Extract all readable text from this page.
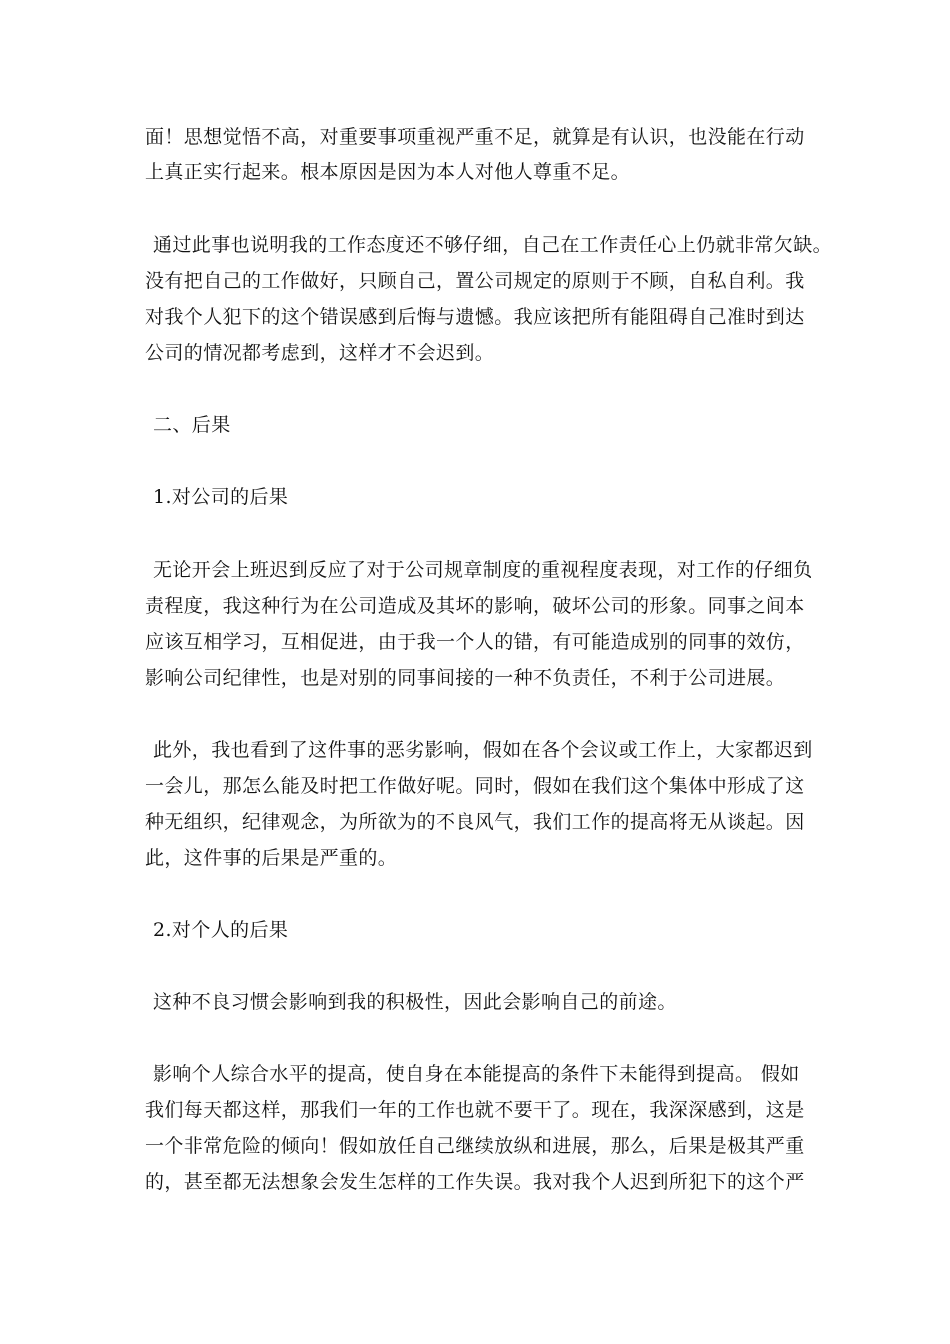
面！思想觉悟不高，对重要事项重视严重不足，就算是有认识，也没能在行动
上真正实行起来。根本原因是因为本人对他人尊重不足。
通过此事也说明我的工作态度还不够仔细，自己在工作责任心上仍就非常欠缺。
没有把自己的工作做好，只顾自己，置公司规定的原则于不顾，自私自利。我
对我个人犯下的这个错误感到后悔与遗憾。我应该把所有能阻碍自己准时到达
公司的情况都考虑到，这样才不会迟到。
二、后果
1.对公司的后果
无论开会上班迟到反应了对于公司规章制度的重视程度表现，对工作的仔细负
责程度，我这种行为在公司造成及其坏的影响，破坏公司的形象。同事之间本
应该互相学习，互相促进，由于我一个人的错，有可能造成别的同事的效仿，
影响公司纪律性，也是对别的同事间接的一种不负责任，不利于公司进展。
此外，我也看到了这件事的恶劣影响，假如在各个会议或工作上，大家都迟到
一会儿，那怎么能及时把工作做好呢。同时，假如在我们这个集体中形成了这
种无组织，纪律观念，为所欲为的不良风气，我们工作的提高将无从谈起。因
此，这件事的后果是严重的。
2.对个人的后果
这种不良习惯会影响到我的积极性，因此会影响自己的前途。
影响个人综合水平的提高，使自身在本能提高的条件下未能得到提高。 假如
我们每天都这样，那我们一年的工作也就不要干了。现在，我深深感到，这是
一个非常危险的倾向！假如放任自己继续放纵和进展，那么，后果是极其严重
的，甚至都无法想象会发生怎样的工作失误。我对我个人迟到所犯下的这个严
